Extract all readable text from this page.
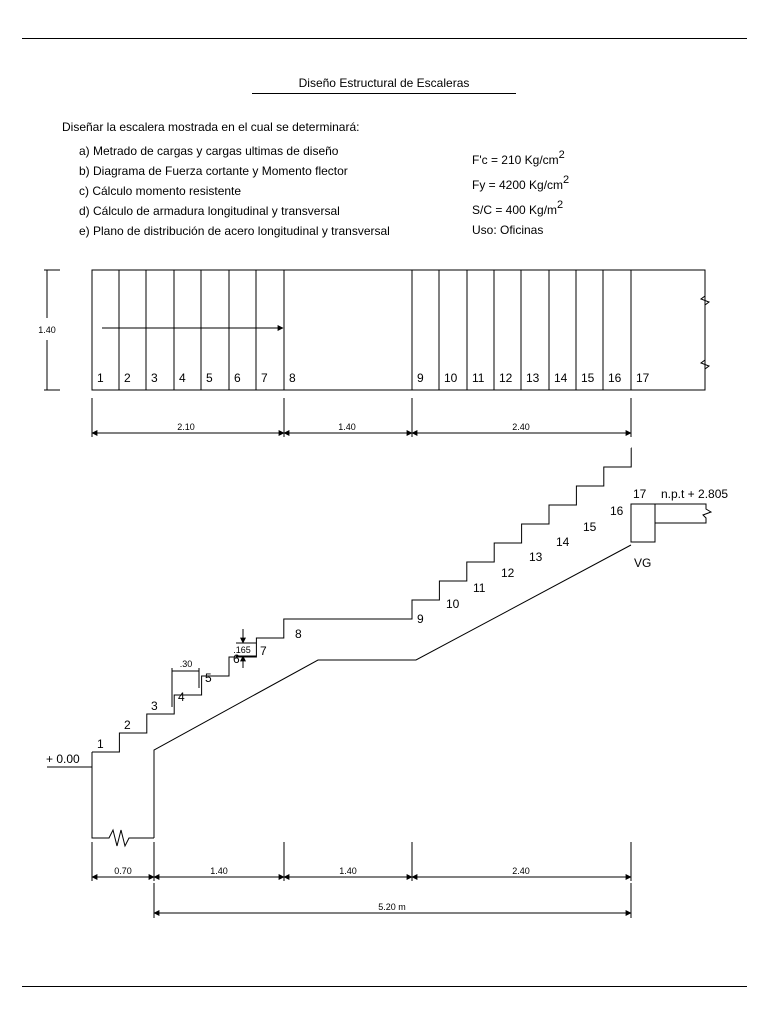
Diseño Estructural de Escaleras
Diseñar la escalera mostrada en el cual se determinará:
a) Metrado de cargas y cargas ultimas de diseño
b) Diagrama de Fuerza cortante y Momento flector
c) Cálculo momento resistente
d) Cálculo de armadura longitudinal y transversal
e) Plano de distribución de acero longitudinal y transversal
F'c = 210 $Kg/cm^2$
Fy = 4200 $Kg/cm^2$
S/C = 400 $Kg/m^2$
Uso: Oficinas
1 2 3 4 5 6 7 8	9 10 11 12 13 14 15 16 17
1.40
2.10	1.40	2.40
1
2
3
4
5
6
7
8
9
10
11
12
13
14
15
16
17
+ 0.00
n.p.t + 2.805
VG
.30
.165
0.70	1.40	1.40	2.40
5.20 m
